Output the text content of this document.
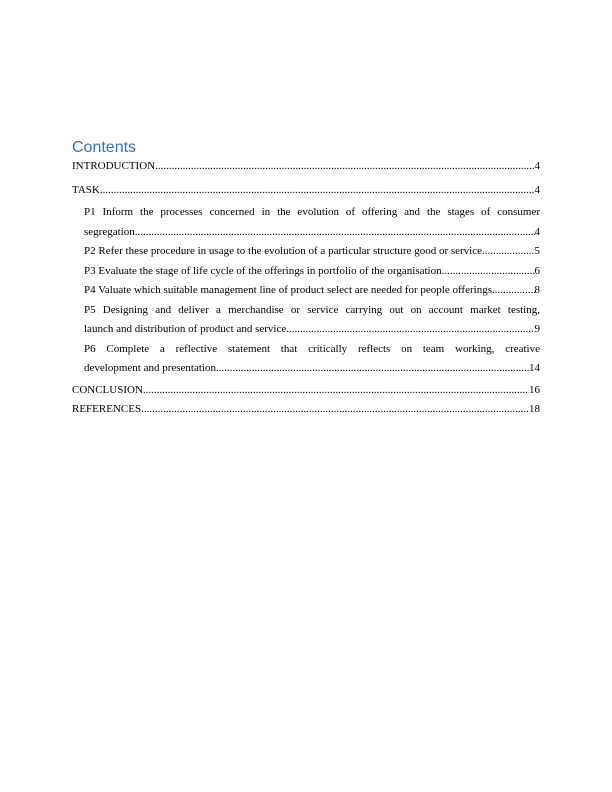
Contents
INTRODUCTION .....	4
TASK .....	4
P1 Inform the processes concerned in the evolution of offering and the stages of consumer
segregation .....	4
P2 Refer these procedure in usage to the evolution of a particular structure good or service .....	5
P3 Evaluate the stage of life cycle of the offerings in portfolio of the organisation .....	6
P4 Valuate which suitable management line of product select are needed for people offerings .....	8
P5 Designing and deliver a merchandise or service carrying out on account market testing,
launch and distribution of product and service .....	9
P6 Complete a reflective statement that critically reflects on team working, creative
development and presentation .....	14
CONCLUSION .....	16
REFERENCES .....	18
